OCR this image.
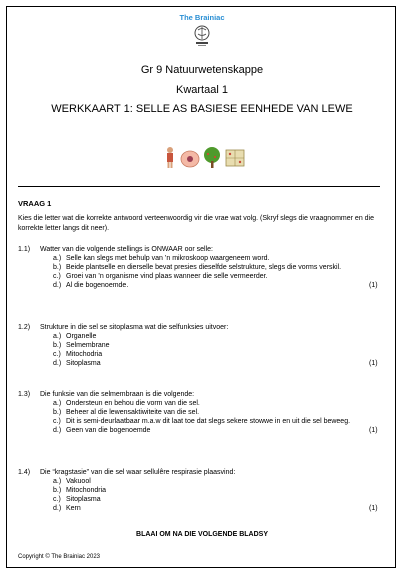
The Brainiac
Gr 9 Natuurwetenskappe
Kwartaal 1
WERKKAART 1: SELLE AS BASIESE EENHEDE VAN LEWE
VRAAG 1
Kies die letter wat die korrekte antwoord verteenwoordig vir die vrae wat volg. (Skryf slegs die vraagnommer en die korrekte letter langs dit neer).
1.1) Watter van die volgende stellings is ONWAAR oor selle:
a.) Selle kan slegs met behulp van ’n mikroskoop waargeneem word.
b.) Beide plantselle en dierselle bevat presies dieselfde selstrukture, slegs die vorms verskil.
c.) Groei van ’n organisme vind plaas wanneer die selle vermeerder.
d.) Al die bogenoemde.	(1)
1.2) Strukture in die sel se sitoplasma wat die selfunksies uitvoer:
a.) Organelle
b.) Selmembrane
c.) Mitochodria
d.) Sitoplasma	(1)
1.3) Die funksie van die selmembraan is die volgende:
a.) Ondersteun en behou die vorm van die sel.
b.) Beheer al die lewensaktiwiteite van die sel.
c.) Dit is semi-deurlaatbaar m.a.w dit laat toe dat slegs sekere stowwe in en uit die sel beweeg.
d.) Geen van die bogenoemde	(1)
1.4) Die “kragstasie” van die sel waar sellulêre respirasie plaasvind:
a.) Vakuool
b.) Mitochondria
c.) Sitoplasma
d.) Kern	(1)
BLAAI OM NA DIE VOLGENDE BLADSY
Copyright © The Brainiac 2023
